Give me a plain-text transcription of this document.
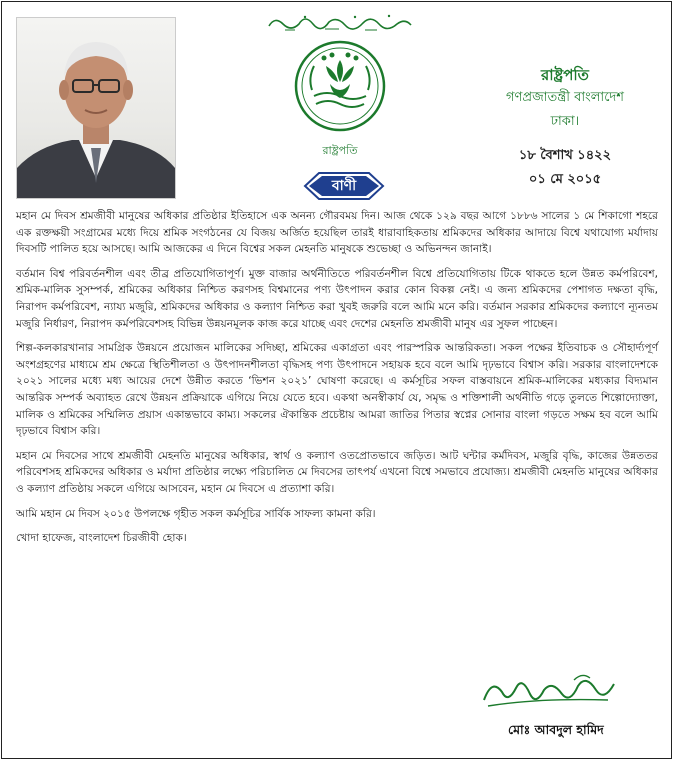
রাষ্ট্রপতি
বাণী
রাষ্ট্রপতি
গণপ্রজাতন্ত্রী বাংলাদেশ
ঢাকা।
১৮ বৈশাখ ১৪২২
০১ মে ২০১৫

মহান মে দিবস শ্রমজীবী মানুষের অধিকার প্রতিষ্ঠার ইতিহাসে এক অনন্য গৌরবময় দিন। আজ থেকে ১২৯ বছর আগে ১৮৮৬ সালের ১ মে শিকাগো শহরে এক রক্তক্ষয়ী সংগ্রামের মধ্যে দিয়ে শ্রমিক সংগঠনের যে বিজয় অর্জিত হয়েছিল তারই ধারাবাহিকতায় শ্রমিকদের অধিকার আদায়ে বিশ্বে যথাযোগ্য মর্যাদায় দিবসটি পালিত হয়ে আসছে। আমি আজকের এ দিনে বিশ্বের সকল মেহনতি মানুষকে শুভেচ্ছা ও অভিনন্দন জানাই।

বর্তমান বিশ্ব পরিবর্তনশীল এবং তীব্র প্রতিযোগিতাপূর্ণ। মুক্ত বাজার অর্থনীতিতে পরিবর্তনশীল বিশ্বে প্রতিযোগিতায় টিকে থাকতে হলে উন্নত কর্মপরিবেশ, শ্রমিক-মালিক সুসম্পর্ক, শ্রমিকের অধিকার নিশ্চিত করণসহ বিশ্বমানের পণ্য উৎপাদন করার কোন বিকল্প নেই। এ জন্য শ্রমিকদের পেশাগত দক্ষতা বৃদ্ধি, নিরাপদ কর্মপরিবেশ, ন্যায্য মজুরি, শ্রমিকদের অধিকার ও কল্যাণ নিশ্চিত করা খুবই জরুরি বলে আমি মনে করি। বর্তমান সরকার শ্রমিকদের কল্যাণে ন্যূনতম মজুরি নির্ধারণ, নিরাপদ কর্মপরিবেশসহ বিভিন্ন উন্নয়নমূলক কাজ করে যাচ্ছে এবং দেশের মেহনতি শ্রমজীবী মানুষ এর সুফল পাচ্ছেন।

শিল্প-কলকারখানার সামগ্রিক উন্নয়নে প্রয়োজন মালিকের সদিচ্ছা, শ্রমিকের একাগ্রতা এবং পারস্পরিক আন্তরিকতা। সকল পক্ষের ইতিবাচক ও সৌহার্দ্যপূর্ণ অংশগ্রহণের মাধ্যমে শ্রম ক্ষেত্রে স্থিতিশীলতা ও উৎপাদনশীলতা বৃদ্ধিসহ পণ্য উৎপাদনে সহায়ক হবে বলে আমি দৃঢ়ভাবে বিশ্বাস করি। সরকার বাংলাদেশকে ২০২১ সালের মধ্যে মধ্য আয়ের দেশে উন্নীত করতে ‘ভিশন ২০২১’ ঘোষণা করেছে। এ কর্মসূচির সফল বাস্তবায়নে শ্রমিক-মালিকের মধ্যকার বিদ্যমান আন্তরিক সম্পর্ক অব্যাহত রেখে উন্নয়ন প্রক্রিয়াকে এগিয়ে নিয়ে যেতে হবে। একথা অনস্বীকার্য যে, সমৃদ্ধ ও শক্তিশালী অর্থনীতি গড়ে তুলতে শিল্পোদ্যোক্তা, মালিক ও শ্রমিকের সম্মিলিত প্রয়াস একান্তভাবে কাম্য। সকলের ঐকান্তিক প্রচেষ্টায় আমরা জাতির পিতার স্বপ্নের সোনার বাংলা গড়তে সক্ষম হব বলে আমি দৃঢ়ভাবে বিশ্বাস করি।

মহান মে দিবসের সাথে শ্রমজীবী মেহনতি মানুষের অধিকার, স্বার্থ ও কল্যাণ ওতপ্রোতভাবে জড়িত। আট ঘন্টার কর্মদিবস, মজুরি বৃদ্ধি, কাজের উন্নততর পরিবেশসহ শ্রমিকদের অধিকার ও মর্যাদা প্রতিষ্ঠার লক্ষ্যে পরিচালিত মে দিবসের তাৎপর্য এখনো বিশ্বে সমভাবে প্রযোজ্য। শ্রমজীবী মেহনতি মানুষের অধিকার ও কল্যাণ প্রতিষ্ঠায় সকলে এগিয়ে আসবেন, মহান মে দিবসে এ প্রত্যাশা করি।

আমি মহান মে দিবস ২০১৫ উপলক্ষে গৃহীত সকল কর্মসূচির সার্বিক সাফল্য কামনা করি।

খোদা হাফেজ, বাংলাদেশ চিরজীবী হোক।

মোঃ আবদুল হামিদ
